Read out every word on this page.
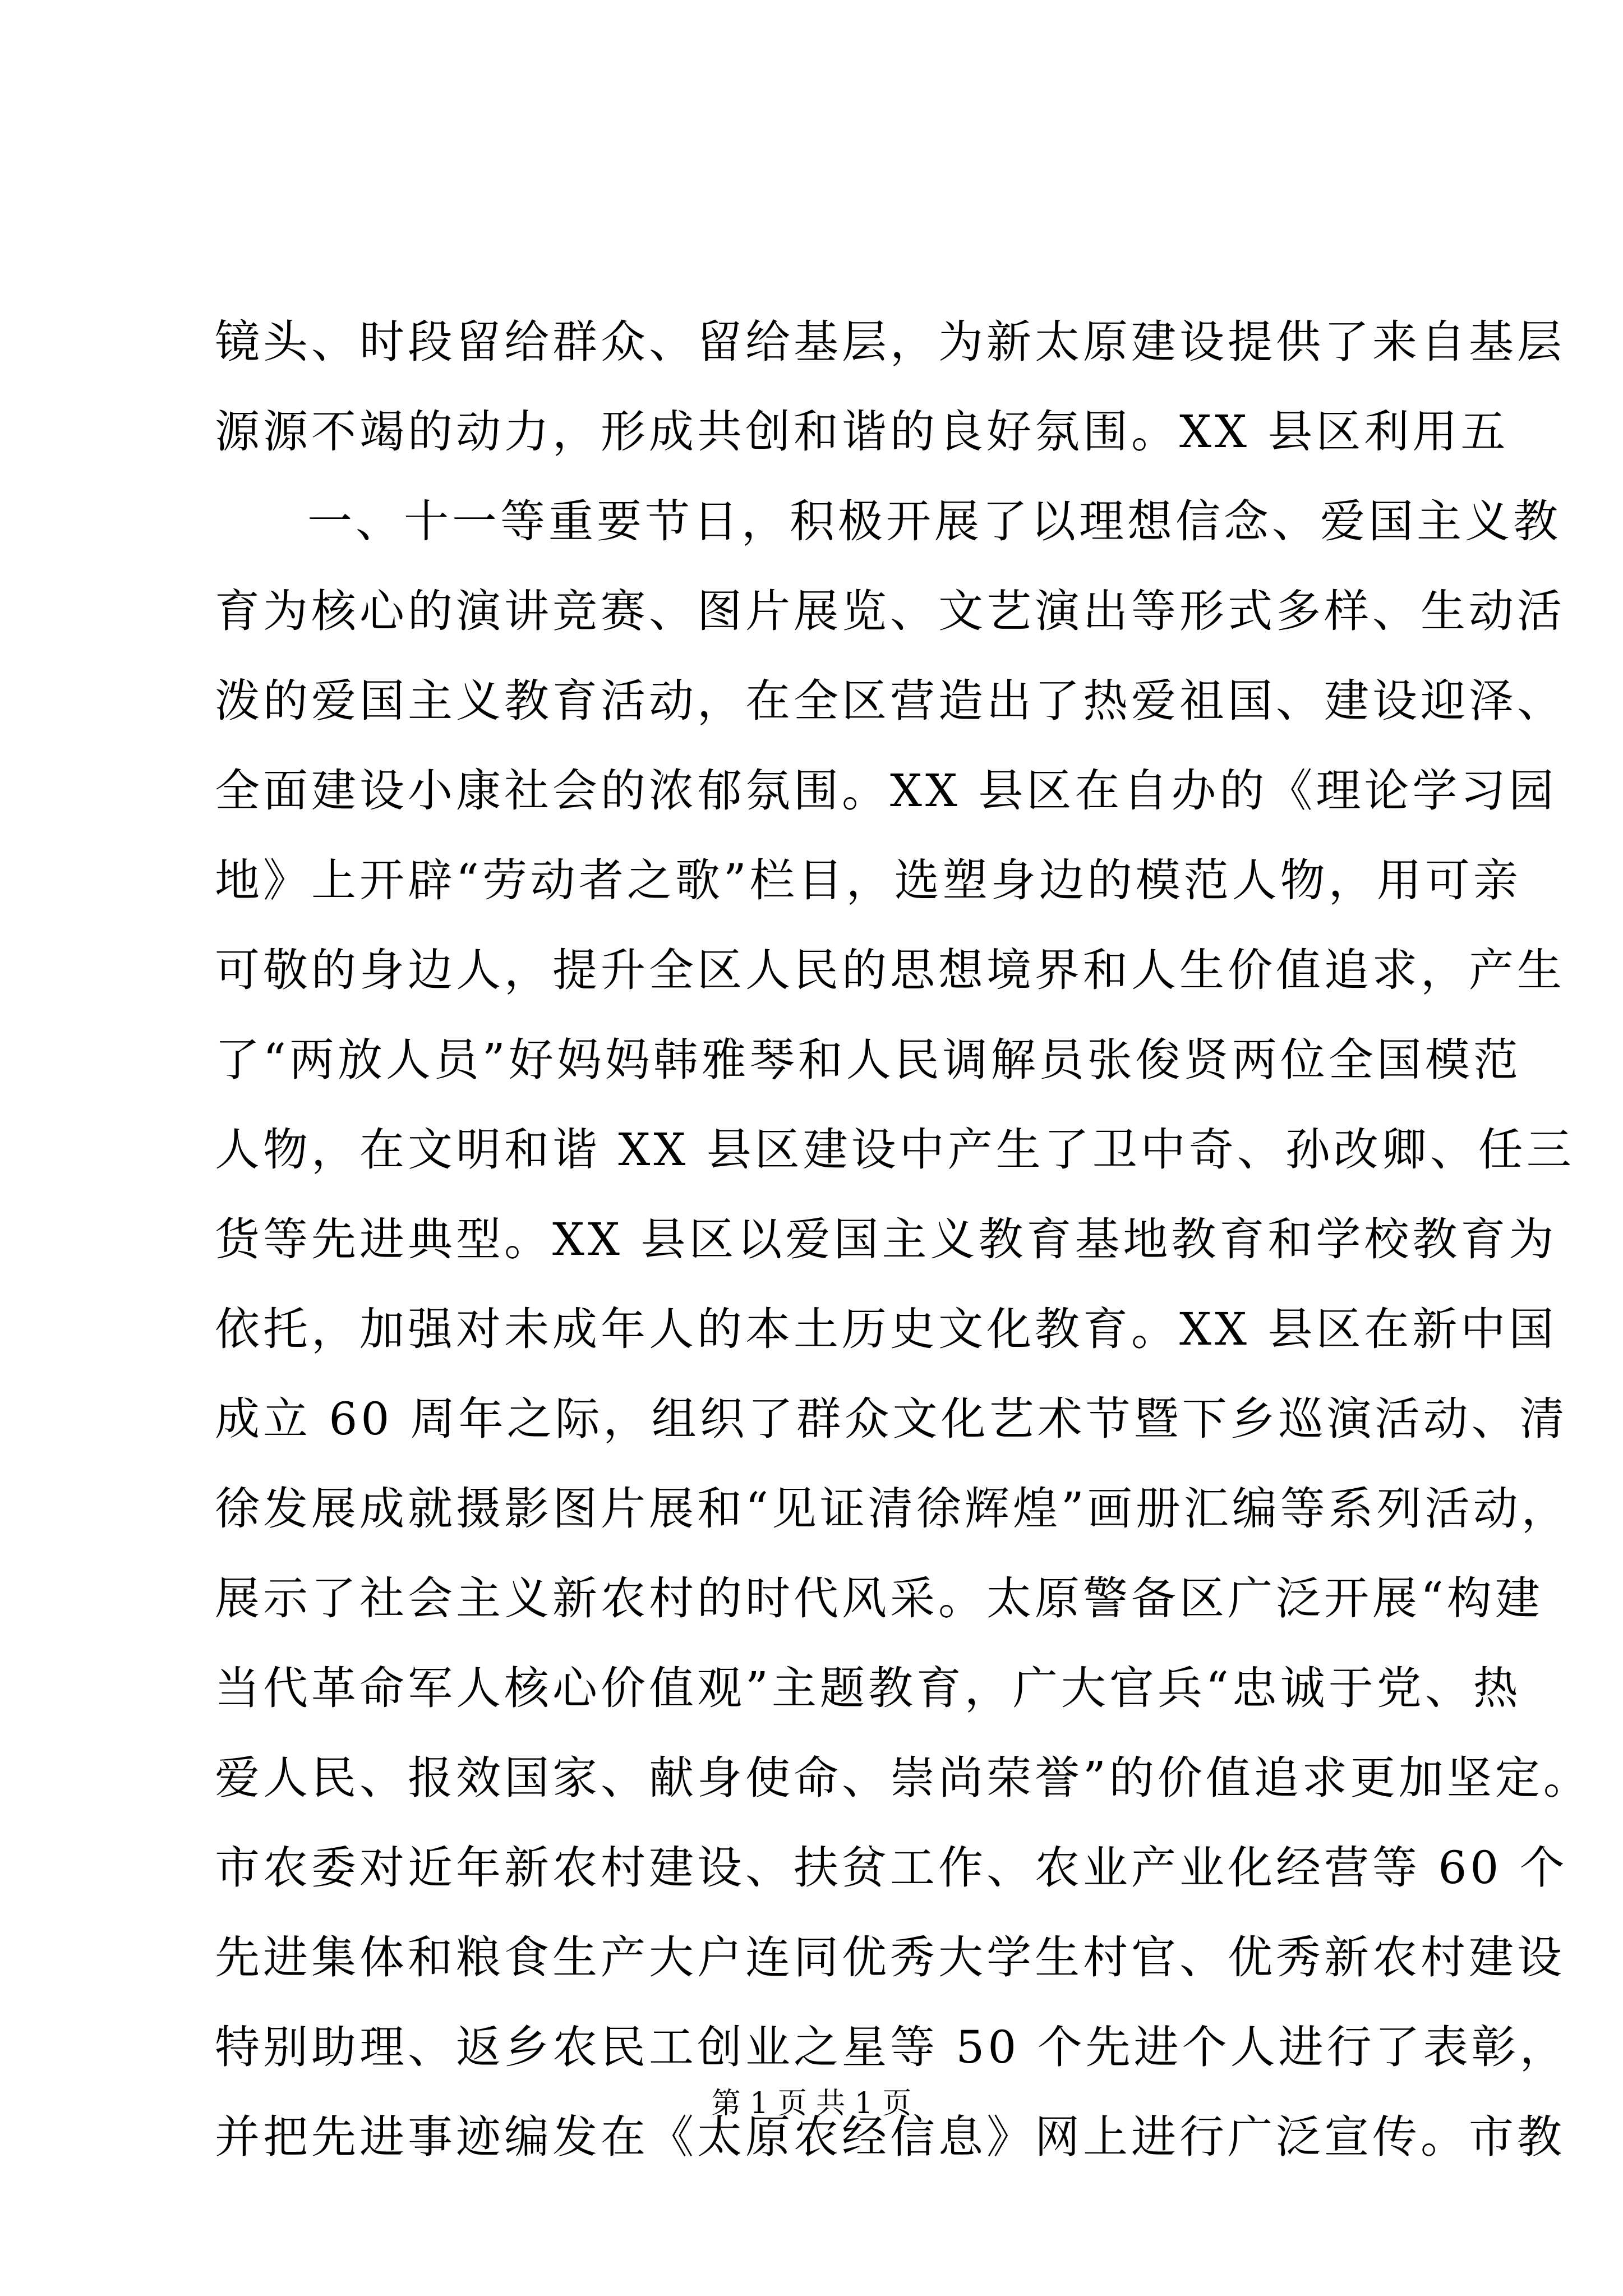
镜头、时段留给群众、留给基层，为新太原建设提供了来自基层
源源不竭的动力，形成共创和谐的良好氛围。XX 县区利用五
一、十一等重要节日，积极开展了以理想信念、爱国主义教
育为核心的演讲竞赛、图片展览、文艺演出等形式多样、生动活
泼的爱国主义教育活动，在全区营造出了热爱祖国、建设迎泽、
全面建设小康社会的浓郁氛围。XX 县区在自办的《理论学习园
地》上开辟“劳动者之歌”栏目，选塑身边的模范人物，用可亲
可敬的身边人，提升全区人民的思想境界和人生价值追求，产生
了“两放人员”好妈妈韩雅琴和人民调解员张俊贤两位全国模范
人物，在文明和谐 XX 县区建设中产生了卫中奇、孙改卿、任三
货等先进典型。XX 县区以爱国主义教育基地教育和学校教育为
依托，加强对未成年人的本土历史文化教育。XX 县区在新中国
成立 60 周年之际，组织了群众文化艺术节暨下乡巡演活动、清
徐发展成就摄影图片展和“见证清徐辉煌”画册汇编等系列活动，
展示了社会主义新农村的时代风采。太原警备区广泛开展“构建
当代革命军人核心价值观”主题教育，广大官兵“忠诚于党、热
爱人民、报效国家、献身使命、崇尚荣誉”的价值追求更加坚定。
市农委对近年新农村建设、扶贫工作、农业产业化经营等 60 个
先进集体和粮食生产大户连同优秀大学生村官、优秀新农村建设
特别助理、返乡农民工创业之星等 50 个先进个人进行了表彰，
并把先进事迹编发在《太原农经信息》网上进行广泛宣传。市教
第 1 页 共 1 页
